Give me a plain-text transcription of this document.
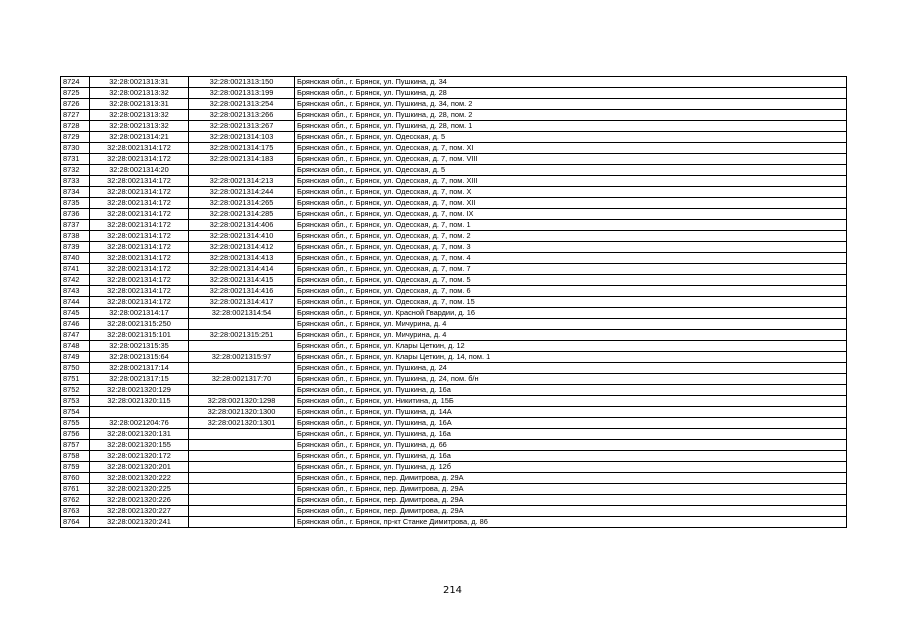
8724	32:28:0021313:31	32:28:0021313:150	Брянская обл., г. Брянск, ул. Пушкина, д. 34
8725	32:28:0021313:32	32:28:0021313:199	Брянская обл., г. Брянск, ул. Пушкина, д. 28
8726	32:28:0021313:31	32:28:0021313:254	Брянская обл., г. Брянск, ул. Пушкина, д. 34, пом. 2
8727	32:28:0021313:32	32:28:0021313:266	Брянская обл., г. Брянск, ул. Пушкина, д. 28, пом. 2
8728	32:28:0021313:32	32:28:0021313:267	Брянская обл., г. Брянск, ул. Пушкина, д. 28, пом. 1
8729	32:28:0021314:21	32:28:0021314:103	Брянская обл., г. Брянск, ул. Одесская, д. 5
8730	32:28:0021314:172	32:28:0021314:175	Брянская обл., г. Брянск, ул. Одесская, д. 7, пом. XI
8731	32:28:0021314:172	32:28:0021314:183	Брянская обл., г. Брянск, ул. Одесская, д. 7, пом. VIII
8732	32:28:0021314:20		Брянская обл., г. Брянск, ул. Одесская, д. 5
8733	32:28:0021314:172	32:28:0021314:213	Брянская обл., г. Брянск, ул. Одесская, д. 7, пом. XIII
8734	32:28:0021314:172	32:28:0021314:244	Брянская обл., г. Брянск, ул. Одесская, д. 7, пом. X
8735	32:28:0021314:172	32:28:0021314:265	Брянская обл., г. Брянск, ул. Одесская, д. 7, пом. XII
8736	32:28:0021314:172	32:28:0021314:285	Брянская обл., г. Брянск, ул. Одесская, д. 7, пом. IX
8737	32:28:0021314:172	32:28:0021314:406	Брянская обл., г. Брянск, ул. Одесская, д. 7, пом. 1
8738	32:28:0021314:172	32:28:0021314:410	Брянская обл., г. Брянск, ул. Одесская, д. 7, пом. 2
8739	32:28:0021314:172	32:28:0021314:412	Брянская обл., г. Брянск, ул. Одесская, д. 7, пом. 3
8740	32:28:0021314:172	32:28:0021314:413	Брянская обл., г. Брянск, ул. Одесская, д. 7, пом. 4
8741	32:28:0021314:172	32:28:0021314:414	Брянская обл., г. Брянск, ул. Одесская, д. 7, пом. 7
8742	32:28:0021314:172	32:28:0021314:415	Брянская обл., г. Брянск, ул. Одесская, д. 7, пом. 5
8743	32:28:0021314:172	32:28:0021314:416	Брянская обл., г. Брянск, ул. Одесская, д. 7, пом. 6
8744	32:28:0021314:172	32:28:0021314:417	Брянская обл., г. Брянск, ул. Одесская, д. 7, пом. 15
8745	32:28:0021314:17	32:28:0021314:54	Брянская обл., г. Брянск, ул. Красной Гвардии, д. 16
8746	32:28:0021315:250		Брянская обл., г. Брянск, ул. Мичурина, д. 4
8747	32:28:0021315:101	32:28:0021315:251	Брянская обл., г. Брянск, ул. Мичурина, д. 4
8748	32:28:0021315:35		Брянская обл., г. Брянск, ул. Клары Цеткин, д. 12
8749	32:28:0021315:64	32:28:0021315:97	Брянская обл., г. Брянск, ул. Клары Цеткин, д. 14, пом. 1
8750	32:28:0021317:14		Брянская обл., г. Брянск, ул. Пушкина, д. 24
8751	32:28:0021317:15	32:28:0021317:70	Брянская обл., г. Брянск, ул. Пушкина, д. 24, пом. б/н
8752	32:28:0021320:129		Брянская обл., г. Брянск, ул. Пушкина, д. 16а
8753	32:28:0021320:115	32:28:0021320:1298	Брянская обл., г. Брянск, ул. Никитина, д. 15Б
8754		32:28:0021320:1300	Брянская обл., г. Брянск, ул. Пушкина, д. 14А
8755	32:28:0021204:76	32:28:0021320:1301	Брянская обл., г. Брянск, ул. Пушкина, д. 16А
8756	32:28:0021320:131		Брянская обл., г. Брянск, ул. Пушкина, д. 16а
8757	32:28:0021320:155		Брянская обл., г. Брянск, ул. Пушкина, д. 66
8758	32:28:0021320:172		Брянская обл., г. Брянск, ул. Пушкина, д. 16а
8759	32:28:0021320:201		Брянская обл., г. Брянск, ул. Пушкина, д. 12б
8760	32:28:0021320:222		Брянская обл., г. Брянск, пер. Димитрова, д. 29А
8761	32:28:0021320:225		Брянская обл., г. Брянск, пер. Димитрова, д. 29А
8762	32:28:0021320:226		Брянская обл., г. Брянск, пер. Димитрова, д. 29А
8763	32:28:0021320:227		Брянская обл., г. Брянск, пер. Димитрова, д. 29А
8764	32:28:0021320:241		Брянская обл., г. Брянск, пр-кт Станке Димитрова, д. 86
214
